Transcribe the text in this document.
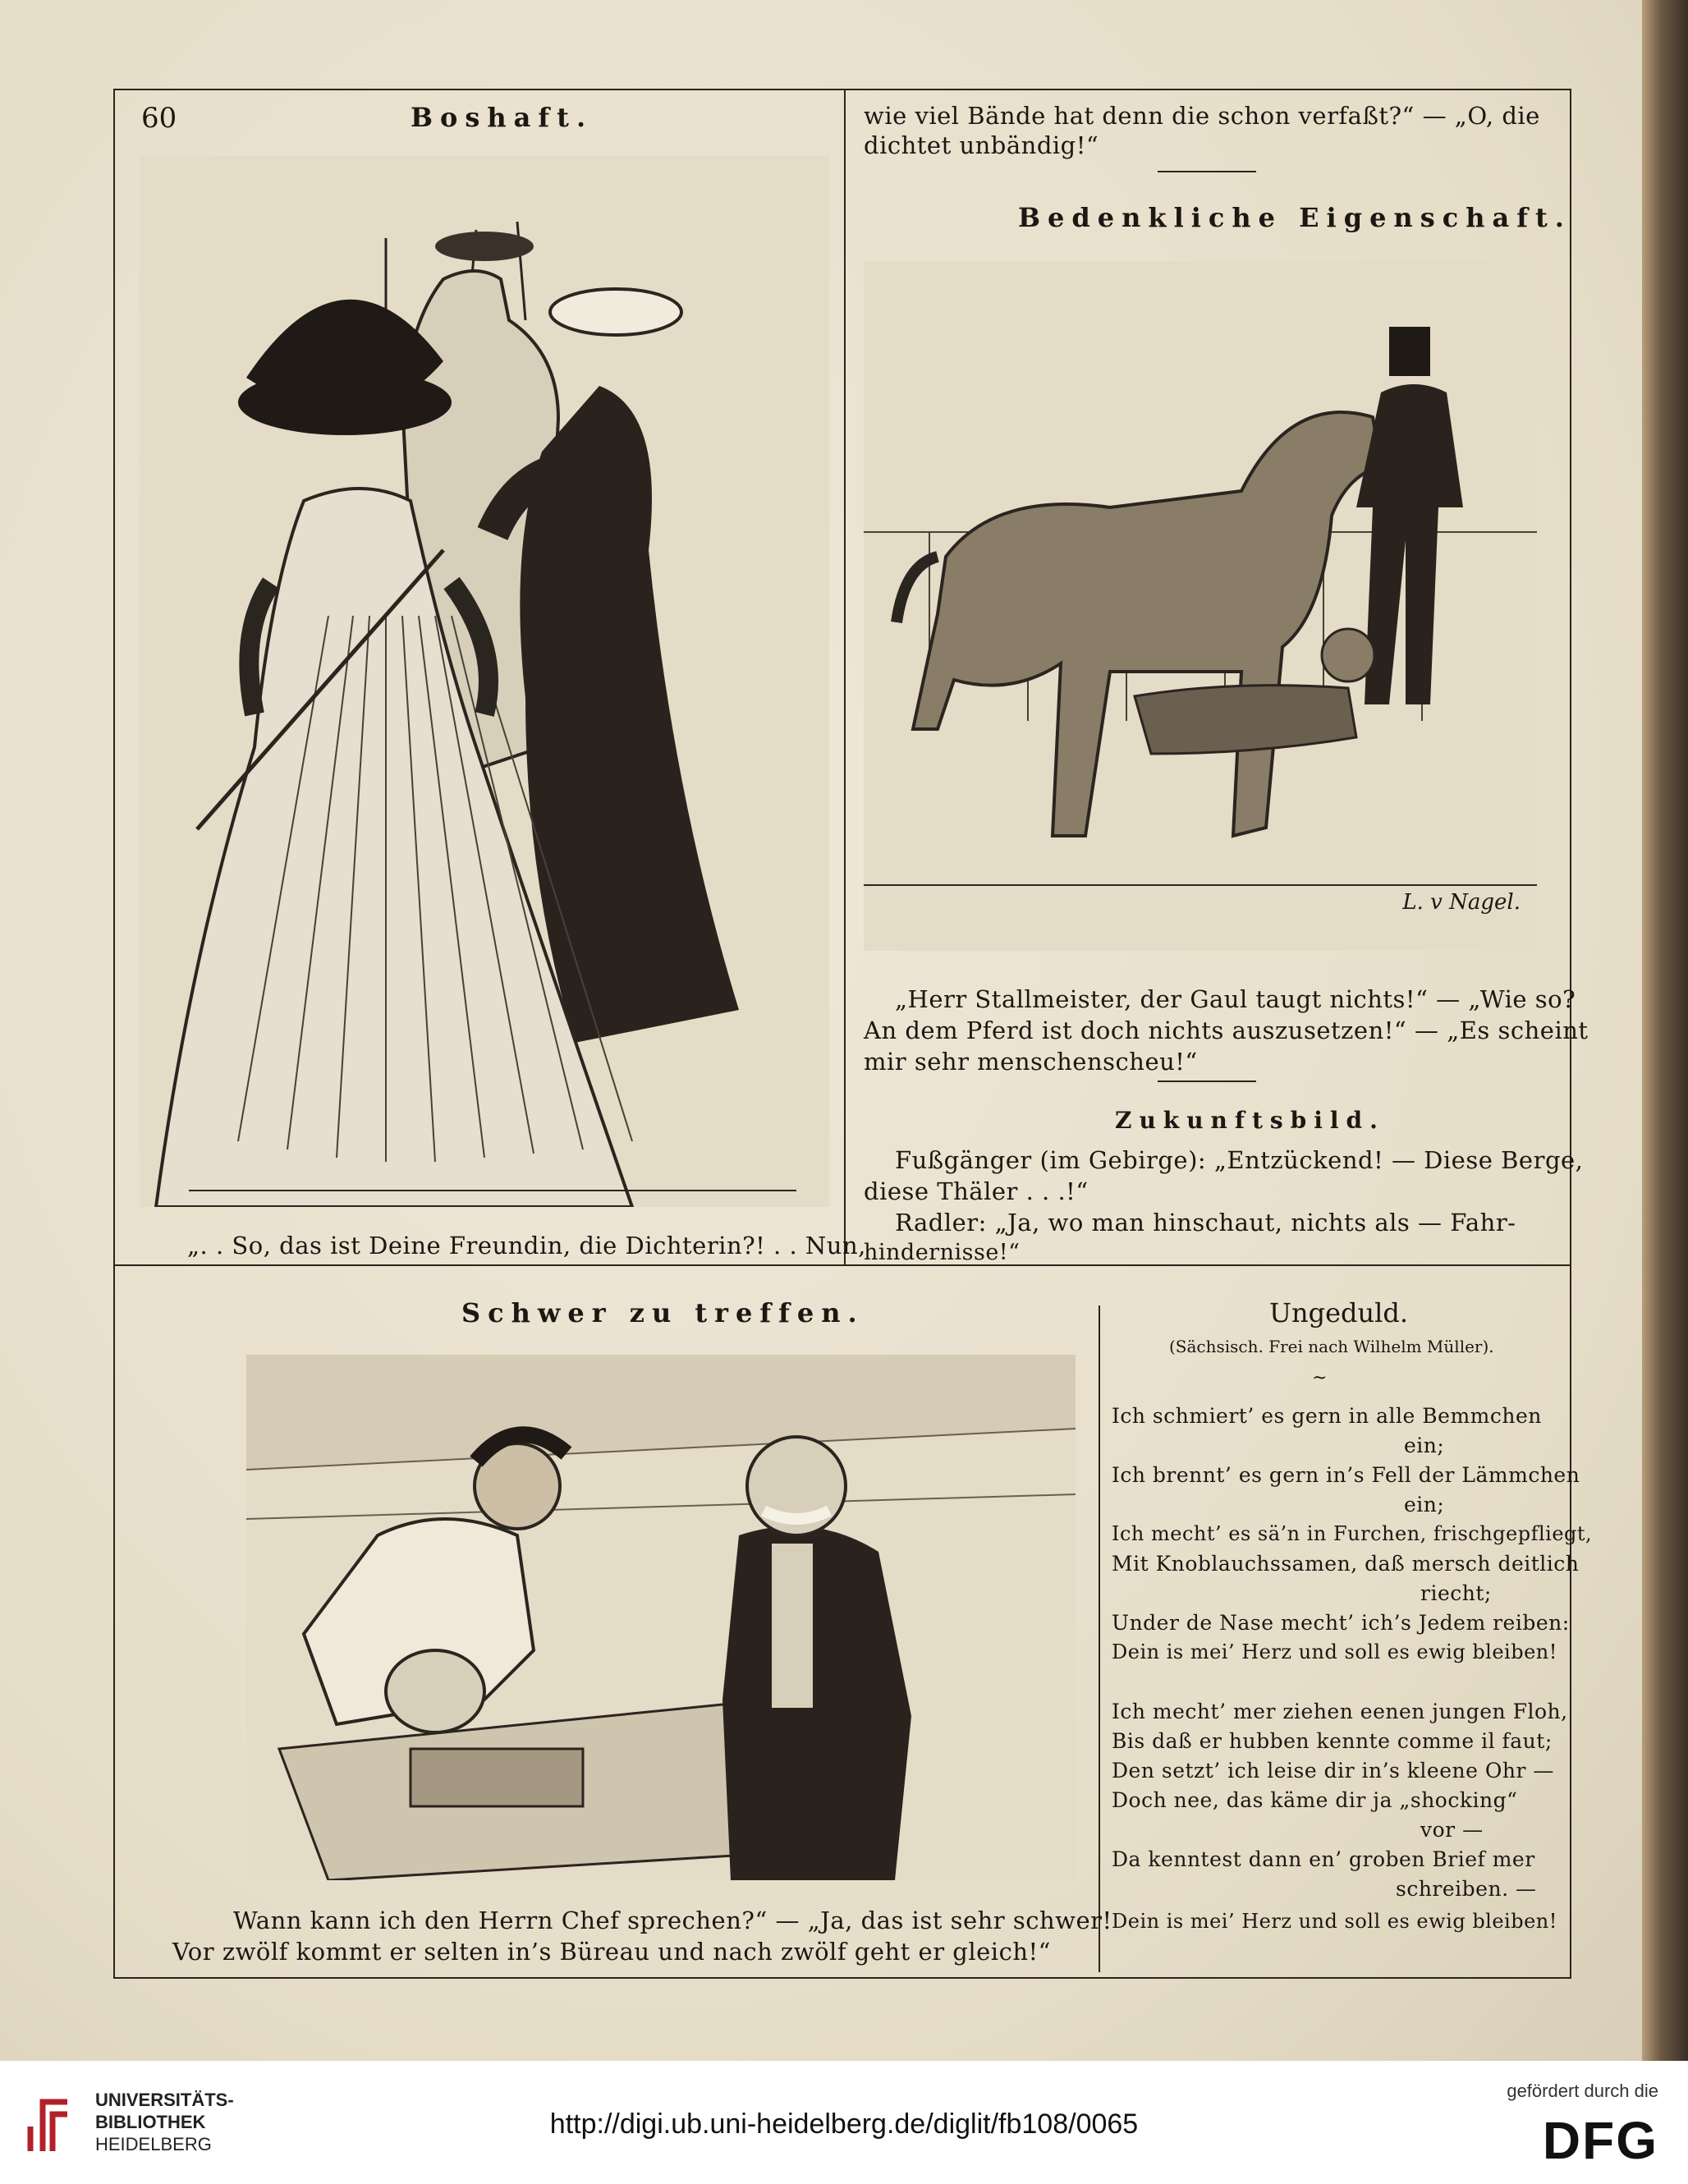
60	Boshaft.
„. . So, das ist Deine Freundin, die Dichterin?! . . Nun,
wie viel Bände hat denn die schon verfaßt?“ — „O, die
dichtet unbändig!“
Bedenkliche Eigenschaft.
L. v Nagel.
„Herr Stallmeister, der Gaul taugt nichts!“ — „Wie so?
An dem Pferd ist doch nichts auszusetzen!“ — „Es scheint
mir sehr menschenscheu!“
Zukunftsbild.
Fußgänger (im Gebirge): „Entzückend! — Diese Berge,
diese Thäler . . .!“
Radler: „Ja, wo man hinschaut, nichts als — Fahr-
hindernisse!“
Schwer zu treffen.
Wann kann ich den Herrn Chef sprechen?“ — „Ja, das ist sehr schwer!
Vor zwölf kommt er selten in’s Büreau und nach zwölf geht er gleich!“
Ungeduld.
(Sächsisch. Frei nach Wilhelm Müller).
~
Ich schmiert’ es gern in alle Bemmchen
ein;
Ich brennt’ es gern in’s Fell der Lämmchen
ein;
Ich mecht’ es sä’n in Furchen, frischgepfliegt,
Mit Knoblauchssamen, daß mersch deitlich
riecht;
Under de Nase mecht’ ich’s Jedem reiben:
Dein is mei’ Herz und soll es ewig bleiben!
Ich mecht’ mer ziehen eenen jungen Floh,
Bis daß er hubben kennte comme il faut;
Den setzt’ ich leise dir in’s kleene Ohr —
Doch nee, das käme dir ja „shocking“
vor —
Da kenntest dann en’ groben Brief mer
schreiben. —
Dein is mei’ Herz und soll es ewig bleiben!
UNIVERSITÄTS-
BIBLIOTHEK
HEIDELBERG
http://digi.ub.uni-heidelberg.de/diglit/fb108/0065
gefördert durch die
DFG
